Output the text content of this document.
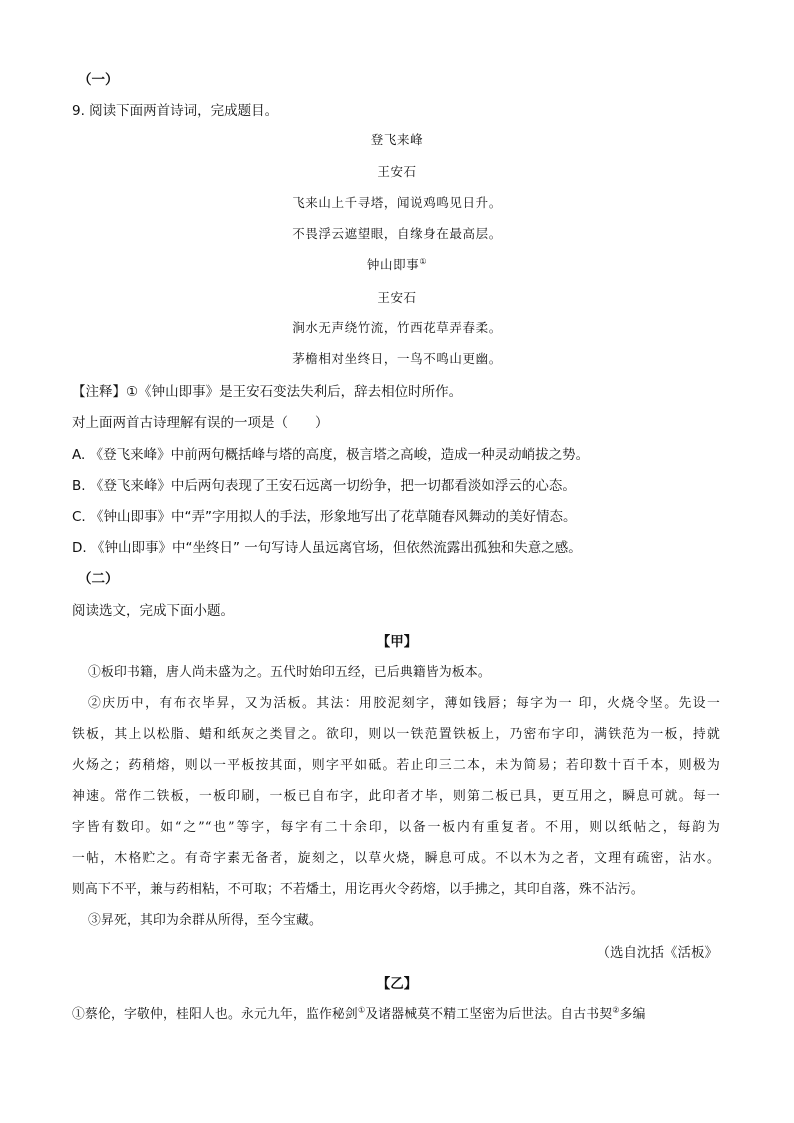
（一）
9. 阅读下面两首诗词，完成题目。
登飞来峰
王安石
飞来山上千寻塔，闻说鸡鸣见日升。
不畏浮云遮望眼，自缘身在最高层。
钟山即事①
王安石
涧水无声绕竹流，竹西花草弄春柔。
茅檐相对坐终日，一鸟不鸣山更幽。
【注释】①《钟山即事》是王安石变法失利后，辞去相位时所作。
对上面两首古诗理解有误的一项是（　　）
A. 《登飞来峰》中前两句概括峰与塔的高度，极言塔之高峻，造成一种灵动峭拔之势。
B. 《登飞来峰》中后两句表现了王安石远离一切纷争，把一切都看淡如浮云的心态。
C. 《钟山即事》中“弄”字用拟人的手法，形象地写出了花草随春风舞动的美好情态。
D. 《钟山即事》中“坐终日” 一句写诗人虽远离官场，但依然流露出孤独和失意之感。
（二）
阅读选文，完成下面小题。
【甲】
①板印书籍，唐人尚未盛为之。五代时始印五经，已后典籍皆为板本。
②庆历中，有布衣毕昇，又为活板。其法：用胶泥刻字，薄如钱唇；每字为一 印，火烧令坚。先设一
铁板，其上以松脂、蜡和纸灰之类冒之。欲印，则以一铁范置铁板上，乃密布字印，满铁范为一板，持就
火炀之；药稍熔，则以一平板按其面，则字平如砥。若止印三二本，未为简易；若印数十百千本，则极为
神速。常作二铁板，一板印刷，一板已自布字，此印者才毕，则第二板已具，更互用之，瞬息可就。每一
字皆有数印。如“之”“也”等字，每字有二十余印，以备一板内有重复者。不用，则以纸帖之，每韵为
一帖，木格贮之。有奇字素无备者，旋刻之，以草火烧，瞬息可成。不以木为之者，文理有疏密，沾水。
则高下不平，兼与药相粘，不可取；不若燔土，用讫再火令药熔，以手拂之，其印自落，殊不沾污。
③昇死，其印为余群从所得，至今宝藏。
（选自沈括《活板》
【乙】
①蔡伦，字敬仲，桂阳人也。永元九年，监作秘剑①及诸器械莫不精工坚密为后世法。自古书契②多编
